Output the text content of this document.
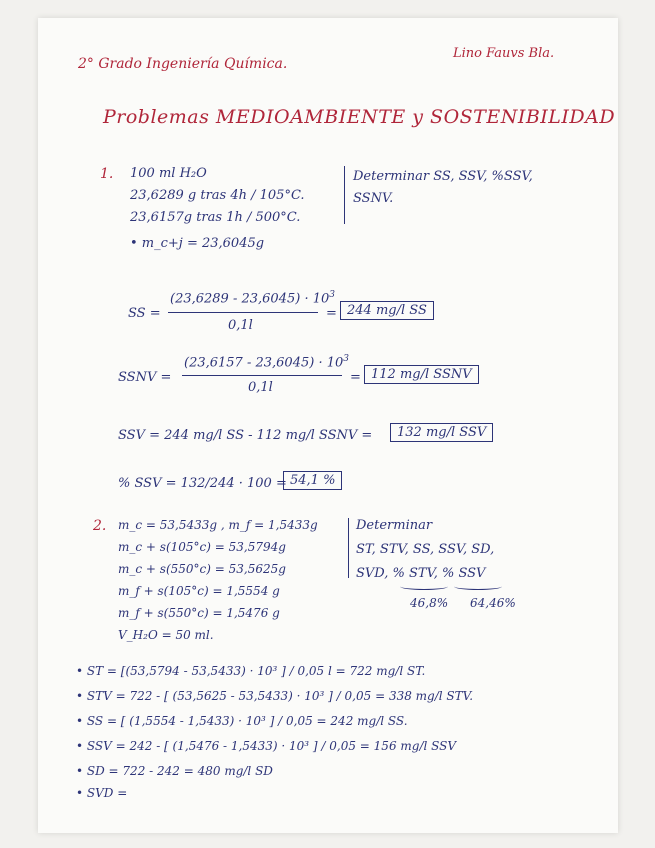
2° Grado Ingeniería Química.
Lino Fauvs Bla.
Problemas MEDIOAMBIENTE y SOSTENIBILIDAD
1. 100 ml H₂O
23,6289 g tras 4h / 105°C.
23,6157g tras 1h / 500°C.
• m_c+j = 23,6045g
Determinar SS, SSV, %SSV, SSNV.
SS =
$(23,6289 - 23,6045) \cdot 10^3$
0,1l
= 244 mg/l SS
SSNV =
$(23,6157 - 23,6045) \cdot 10^3$
0,1l
= 112 mg/l SSNV
SSV = 244 mg/l SS - 112 mg/l SSNV =	132 mg/l SSV
% SSV = 132/244 · 100 = 54,1 %
2. m_c = 53,5433g , m_f = 1,5433g
m_c + s(105°c) = 53,5794g
m_c + s(550°c) = 53,5625g
m_f + s(105°c) = 1,5554 g
m_f + s(550°c) = 1,5476 g
V_H₂O = 50 ml.
Determinar
ST, STV, SS, SSV, SD,
SVD, % STV, % SSV
46,8% 64,46%
• ST = [(53,5794 - 53,5433) · 10³ ] / 0,05 l = 722 mg/l ST.
• STV = 722 - [ (53,5625 - 53,5433) · 10³ ] / 0,05 = 338 mg/l STV.
• SS = [ (1,5554 - 1,5433) · 10³ ] / 0,05 = 242 mg/l SS.
• SSV = 242 - [ (1,5476 - 1,5433) · 10³ ] / 0,05 = 156 mg/l SSV
• SD = 722 - 242 = 480 mg/l SD
• SVD =
